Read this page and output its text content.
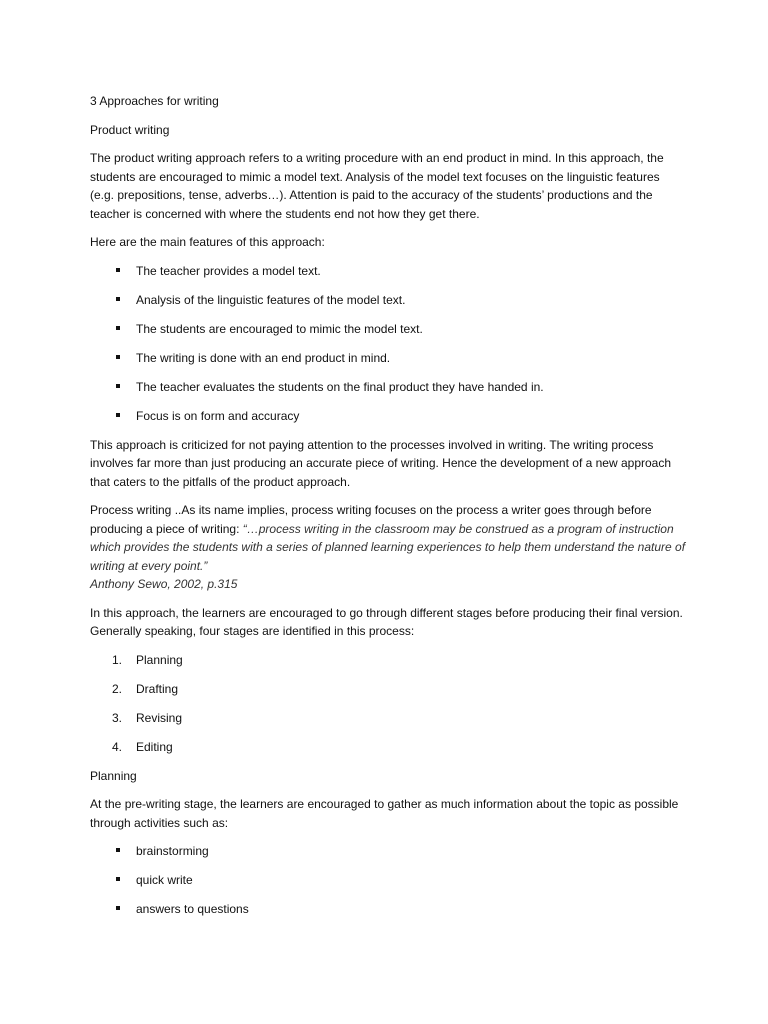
3 Approaches for writing
Product writing

The product writing approach refers to a writing procedure with an end product in mind. In this approach, the students are encouraged to mimic a model text. Analysis of the model text focuses on the linguistic features (e.g. prepositions, tense, adverbs…). Attention is paid to the accuracy of the students’ productions and the teacher is concerned with where the students end not how they get there.

Here are the main features of this approach:

The teacher provides a model text.
Analysis of the linguistic features of the model text.
The students are encouraged to mimic the model text.
The writing is done with an end product in mind.
The teacher evaluates the students on the final product they have handed in.
Focus is on form and accuracy

This approach is criticized for not paying attention to the processes involved in writing. The writing process involves far more than just producing an accurate piece of writing. Hence the development of a new approach that caters to the pitfalls of the product approach.

Process writing ..As its name implies, process writing focuses on the process a writer goes through before producing a piece of writing: “…process writing in the classroom may be construed as a program of instruction which provides the students with a series of planned learning experiences to help them understand the nature of writing at every point.”
Anthony Sewo, 2002, p.315

In this approach, the learners are encouraged to go through different stages before producing their final version. Generally speaking, four stages are identified in this process:

1. Planning
2. Drafting
3. Revising
4. Editing
Planning

At the pre-writing stage, the learners are encouraged to gather as much information about the topic as possible through activities such as:

brainstorming
quick write
answers to questions
